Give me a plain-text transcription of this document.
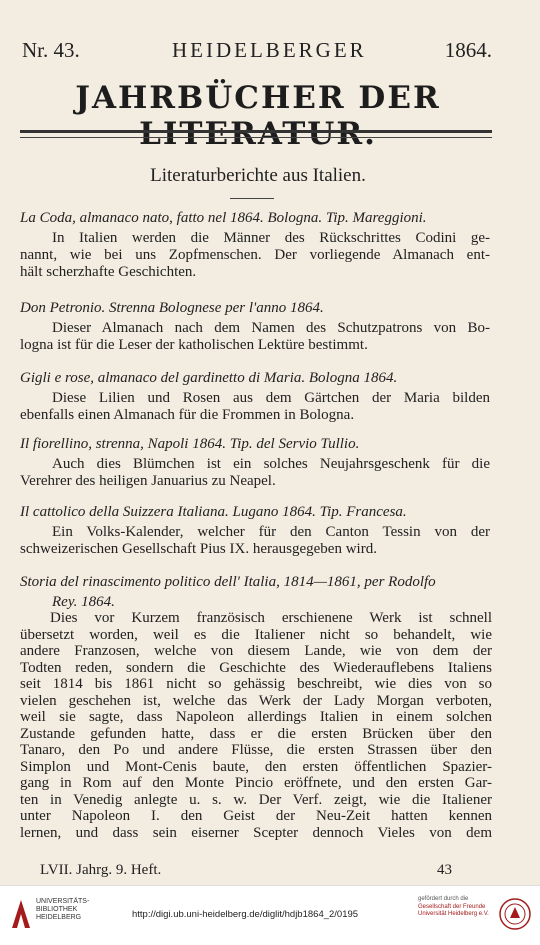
Nr. 43.	HEIDELBERGER	1864.
JAHRBÜCHER DER LITERATUR.
Literaturberichte aus Italien.
La Coda, almanaco nato, fatto nel 1864. Bologna. Tip. Mareggioni.
In Italien werden die Männer des Rückschrittes Codini ge-
nannt, wie bei uns Zopfmenschen. Der vorliegende Almanach ent-
hält scherzhafte Geschichten.
Don Petronio. Strenna Bolognese per l'anno 1864.
Dieser Almanach nach dem Namen des Schutzpatrons von Bo-
logna ist für die Leser der katholischen Lektüre bestimmt.
Gigli e rose, almanaco del gardinetto di Maria. Bologna 1864.
Diese Lilien und Rosen aus dem Gärtchen der Maria bilden
ebenfalls einen Almanach für die Frommen in Bologna.
Il fiorellino, strenna, Napoli 1864. Tip. del Servio Tullio.
Auch dies Blümchen ist ein solches Neujahrsgeschenk für die
Verehrer des heiligen Januarius zu Neapel.
Il cattolico della Suizzera Italiana. Lugano 1864. Tip. Francesa.
Ein Volks-Kalender, welcher für den Canton Tessin von der
schweizerischen Gesellschaft Pius IX. herausgegeben wird.
Storia del rinascimento politico dell' Italia, 1814—1861, per Rodolfo
Rey. 1864.
Dies vor Kurzem französisch erschienene Werk ist schnell
übersetzt worden, weil es die Italiener nicht so behandelt, wie
andere Franzosen, welche von diesem Lande, wie von dem der
Todten reden, sondern die Geschichte des Wiederauflebens Italiens
seit 1814 bis 1861 nicht so gehässig beschreibt, wie dies von so
vielen geschehen ist, welche das Werk der Lady Morgan verboten,
weil sie sagte, dass Napoleon allerdings Italien in einem solchen
Zustande gefunden hatte, dass er die ersten Brücken über den
Tanaro, den Po und andere Flüsse, die ersten Strassen über den
Simplon und Mont-Cenis baute, den ersten öffentlichen Spazier-
gang in Rom auf den Monte Pincio eröffnete, und den ersten Gar-
ten in Venedig anlegte u. s. w. Der Verf. zeigt, wie die Italiener
unter Napoleon I. den Geist der Neu-Zeit hatten kennen
lernen, und dass sein eiserner Scepter dennoch Vieles von dem
LVII. Jahrg. 9. Heft.	43
UNIVERSITÄTS-
BIBLIOTHEK
HEIDELBERG	http://digi.ub.uni-heidelberg.de/diglit/hdjb1864_2/0195
gefördert durch die
Gesellschaft der Freunde
Universität Heidelberg e.V.
